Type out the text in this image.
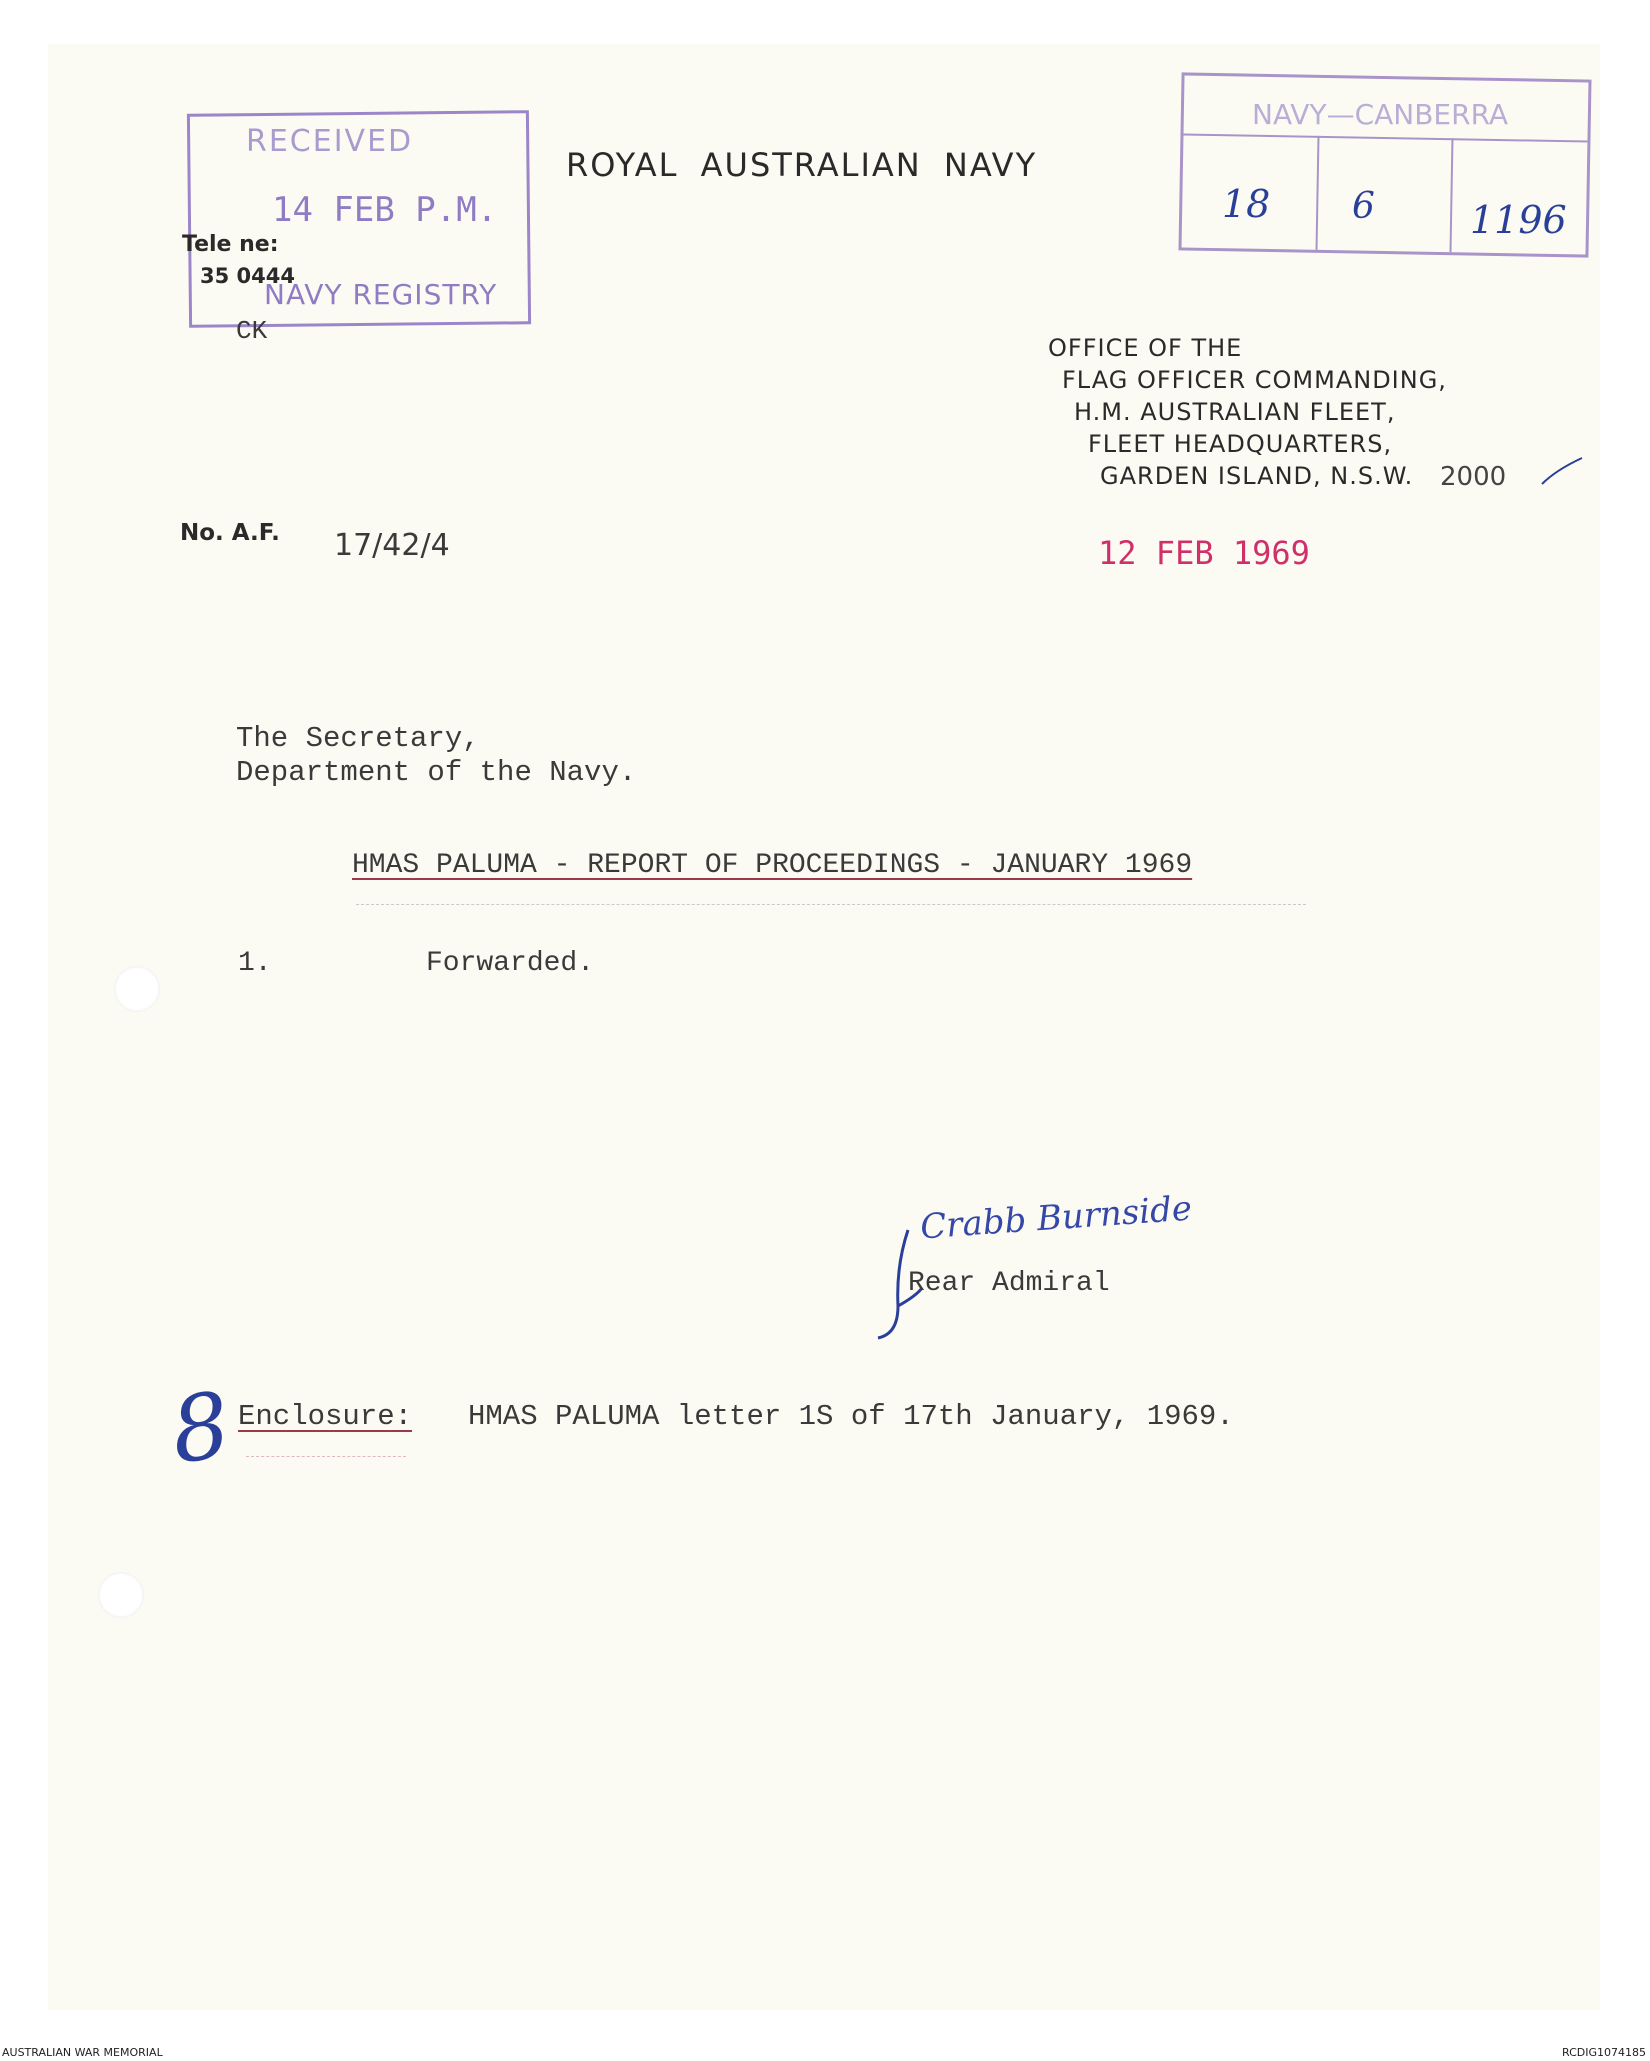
RECEIVED
14 FEB P.M.
NAVY REGISTRY
Tele ne:
35 0444
CK
ROYAL AUSTRALIAN NAVY
NAVY—CANBERRA
18 6	1196
OFFICE OF THE
FLAG OFFICER COMMANDING,
H.M. AUSTRALIAN FLEET,
FLEET HEADQUARTERS,
GARDEN ISLAND, N.S.W. 2000
No. A.F. 17/42/4	12 FEB 1969
The Secretary,
Department of the Navy.
HMAS PALUMA - REPORT OF PROCEEDINGS - JANUARY 1969
1.	Forwarded.
Crabb Burnside
Rear Admiral
8 Enclosure: HMAS PALUMA letter 1S of 17th January, 1969.
AUSTRALIAN WAR MEMORIAL	RCDIG1074185
